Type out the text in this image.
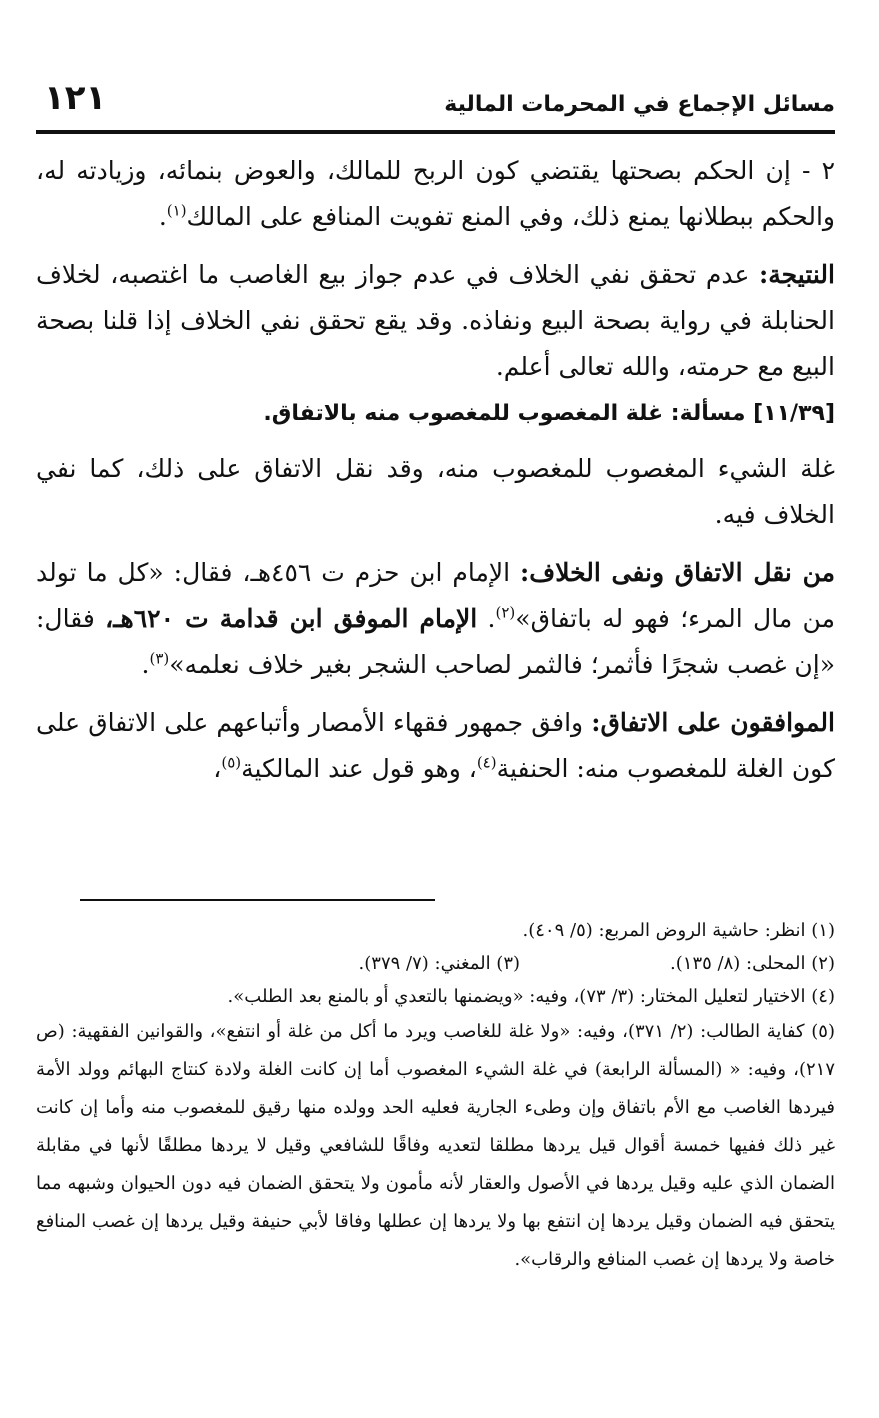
مسائل الإجماع في المحرمات المالية
١٢١

٢ - إن الحكم بصحتها يقتضي كون الربح للمالك، والعوض بنمائه، وزيادته له، والحكم ببطلانها يمنع ذلك، وفي المنع تفويت المنافع على المالك$^{(١)}$.

النتيجة: عدم تحقق نفي الخلاف في عدم جواز بيع الغاصب ما اغتصبه، لخلاف الحنابلة في رواية بصحة البيع ونفاذه. وقد يقع تحقق نفي الخلاف إذا قلنا بصحة البيع مع حرمته، والله تعالى أعلم.

[١١/٣٩] مسألة: غلة المغصوب للمغصوب منه بالاتفاق.

غلة الشيء المغصوب للمغصوب منه، وقد نقل الاتفاق على ذلك، كما نفي الخلاف فيه.

من نقل الاتفاق ونفى الخلاف: الإمام ابن حزم ت ٤٥٦هـ، فقال: «كل ما تولد من مال المرء؛ فهو له باتفاق»$^{(٢)}$. الإمام الموفق ابن قدامة ت ٦٢٠هـ، فقال: «إن غصب شجرًا فأثمر؛ فالثمر لصاحب الشجر بغير خلاف نعلمه»$^{(٣)}$.

الموافقون على الاتفاق: وافق جمهور فقهاء الأمصار وأتباعهم على الاتفاق على كون الغلة للمغصوب منه: الحنفية$^{(٤)}$، وهو قول عند المالكية$^{(٥)}$،

(١) انظر: حاشية الروض المربع: (٥/ ٤٠٩).

(٢) المحلى: (٨/ ١٣٥).
(٣) المغني: (٧/ ٣٧٩).

(٤) الاختيار لتعليل المختار: (٣/ ٧٣)، وفيه: «ويضمنها بالتعدي أو بالمنع بعد الطلب».

(٥) كفاية الطالب: (٢/ ٣٧١)، وفيه: «ولا غلة للغاصب ويرد ما أكل من غلة أو انتفع»، والقوانين الفقهية: (ص ٢١٧)، وفيه: « (المسألة الرابعة) في غلة الشيء المغصوب أما إن كانت الغلة ولادة كنتاج البهائم وولد الأمة فيردها الغاصب مع الأم باتفاق وإن وطىء الجارية فعليه الحد وولده منها رقيق للمغصوب منه وأما إن كانت غير ذلك ففيها خمسة أقوال قيل يردها مطلقا لتعديه وفاقًا للشافعي وقيل لا يردها مطلقًا لأنها في مقابلة الضمان الذي عليه وقيل يردها في الأصول والعقار لأنه مأمون ولا يتحقق الضمان فيه دون الحيوان وشبهه مما يتحقق فيه الضمان وقيل يردها إن انتفع بها ولا يردها إن عطلها وفاقا لأبي حنيفة وقيل يردها إن غصب المنافع خاصة ولا يردها إن غصب المنافع والرقاب».
